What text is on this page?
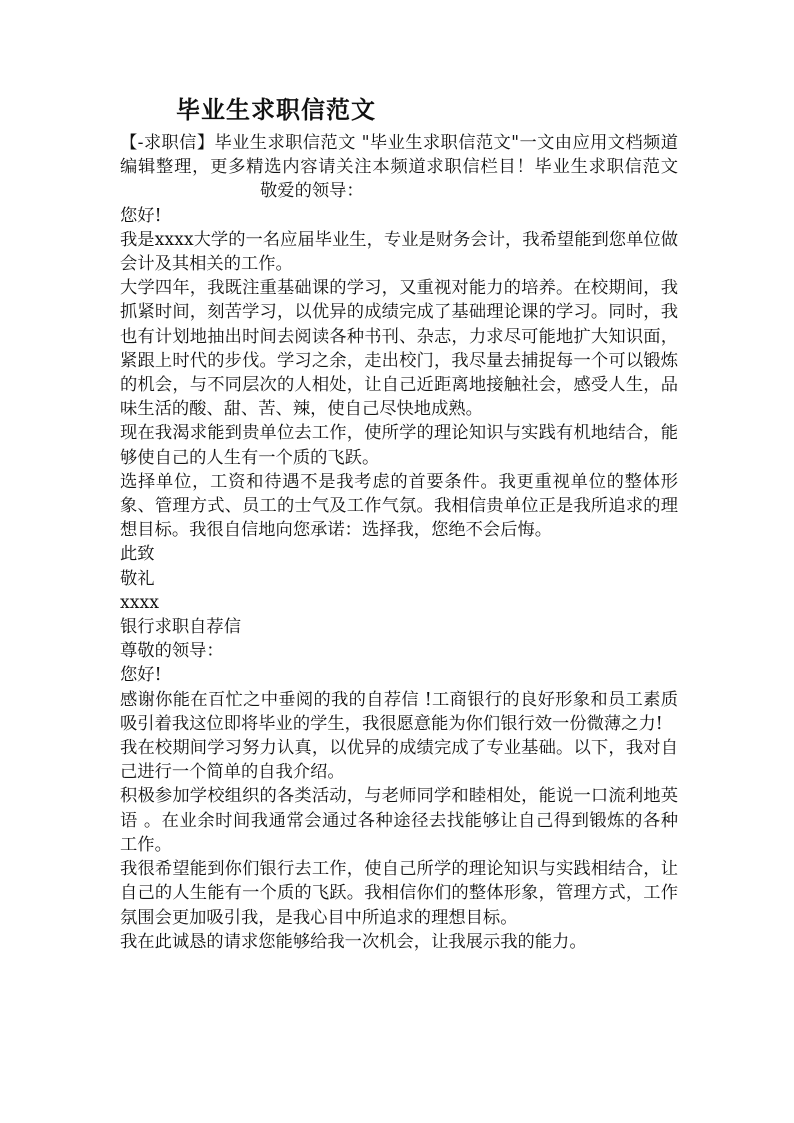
毕业生求职信范文

【-求职信】毕业生求职信范文 "毕业生求职信范文"一文由应用文档频道编辑整理，更多精选内容请关注本频道求职信栏目！毕业生求职信范文敬爱的领导：

您好!

我是xxxx大学的一名应届毕业生，专业是财务会计，我希望能到您单位做会计及其相关的工作。

大学四年，我既注重基础课的学习，又重视对能力的培养。在校期间，我抓紧时间，刻苦学习，以优异的成绩完成了基础理论课的学习。同时，我也有计划地抽出时间去阅读各种书刊、杂志，力求尽可能地扩大知识面，紧跟上时代的步伐。学习之余，走出校门，我尽量去捕捉每一个可以锻炼的机会，与不同层次的人相处，让自己近距离地接触社会，感受人生，品味生活的酸、甜、苦、辣，使自己尽快地成熟。

现在我渴求能到贵单位去工作，使所学的理论知识与实践有机地结合，能够使自己的人生有一个质的飞跃。

选择单位，工资和待遇不是我考虑的首要条件。我更重视单位的整体形象、管理方式、员工的士气及工作气氛。我相信贵单位正是我所追求的理想目标。我很自信地向您承诺：选择我，您绝不会后悔。

此致

敬礼

xxxx

银行求职自荐信

尊敬的领导：

您好!

感谢你能在百忙之中垂阅的我的自荐信 !工商银行的良好形象和员工素质吸引着我这位即将毕业的学生，我很愿意能为你们银行效一份微薄之力!

我在校期间学习努力认真，以优异的成绩完成了专业基础。以下，我对自己进行一个简单的自我介绍。

积极参加学校组织的各类活动，与老师同学和睦相处，能说一口流利地英语 。在业余时间我通常会通过各种途径去找能够让自己得到锻炼的各种工作。

我很希望能到你们银行去工作，使自己所学的理论知识与实践相结合，让自己的人生能有一个质的飞跃。我相信你们的整体形象，管理方式，工作氛围会更加吸引我，是我心目中所追求的理想目标。

我在此诚恳的请求您能够给我一次机会，让我展示我的能力。
